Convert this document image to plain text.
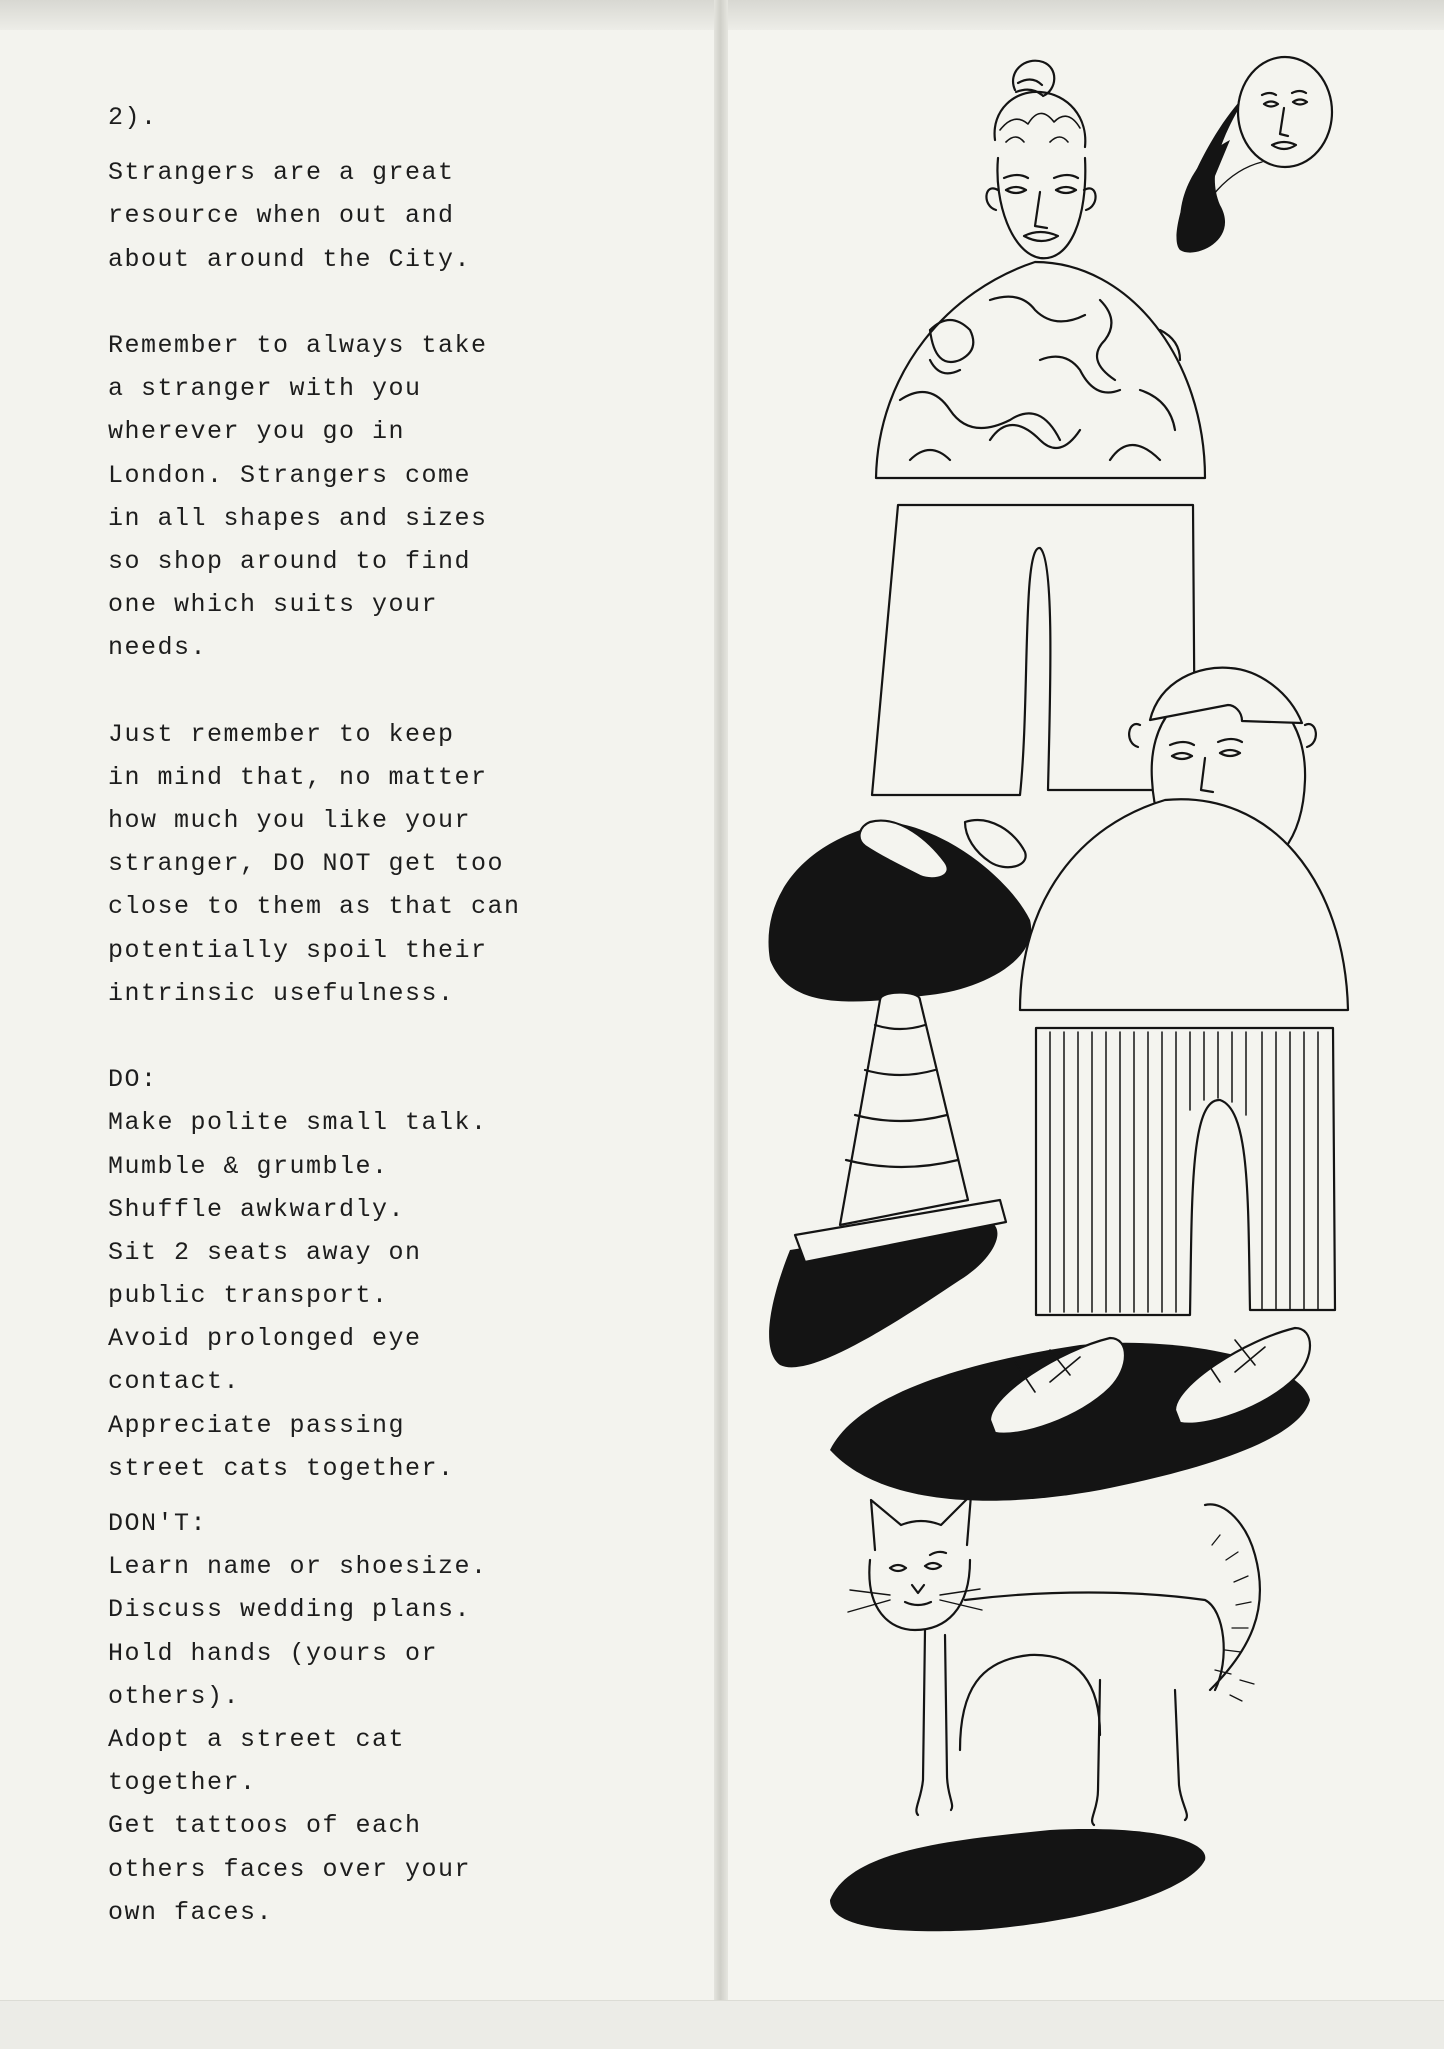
2).
Strangers are a great
resource when out and
about around the City.
Remember to always take
a stranger with you
wherever you go in
London. Strangers come
in all shapes and sizes
so shop around to find
one which suits your
needs.
Just remember to keep
in mind that, no matter
how much you like your
stranger, DO NOT get too
close to them as that can
potentially spoil their
intrinsic usefulness.
DO:
Make polite small talk.
Mumble & grumble.
Shuffle awkwardly.
Sit 2 seats away on
public transport.
Avoid prolonged eye
contact.
Appreciate passing
street cats together.
DON'T:
Learn name or shoesize.
Discuss wedding plans.
Hold hands (yours or
others).
Adopt a street cat
together.
Get tattoos of each
others faces over your
own faces.
